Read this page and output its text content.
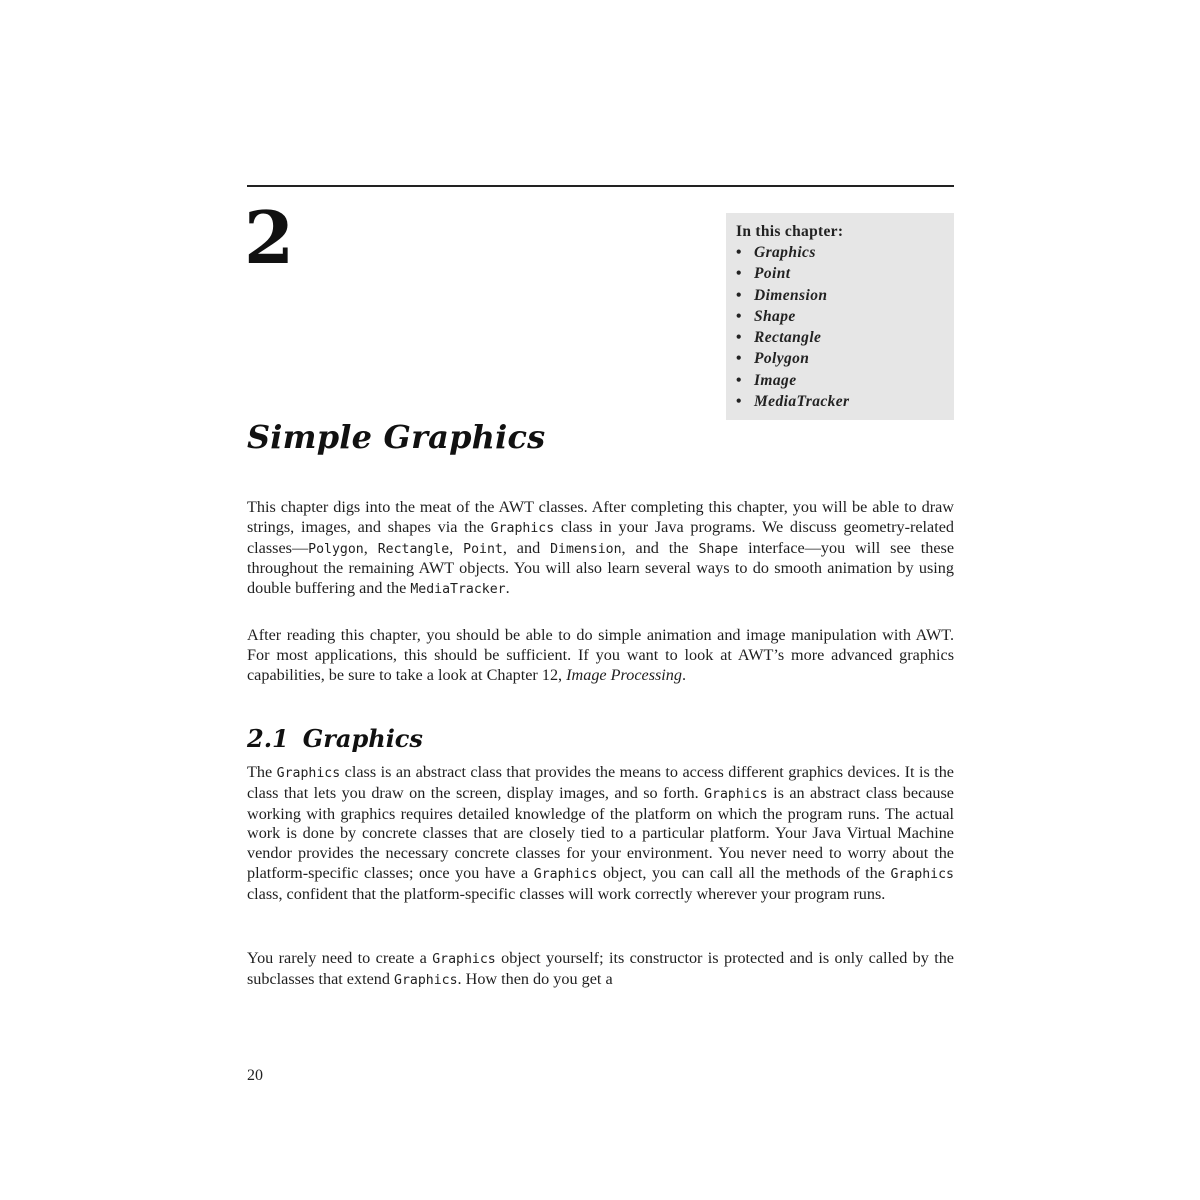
2	In this chapter:
• Graphics
• Point
• Dimension
• Shape
• Rectangle
• Polygon
• Image
• MediaTracker
Simple Graphics

This chapter digs into the meat of the AWT classes. After completing this chapter, you will be able to draw strings, images, and shapes via the Graphics class in your Java programs. We discuss geometry-related classes—Polygon, Rectangle, Point, and Dimension, and the Shape interface—you will see these throughout the remaining AWT objects. You will also learn several ways to do smooth animation by using double buffering and the MediaTracker.

After reading this chapter, you should be able to do simple animation and image manipulation with AWT. For most applications, this should be sufficient. If you want to look at AWT’s more advanced graphics capabilities, be sure to take a look at Chapter 12, Image Processing.

2.1 Graphics

The Graphics class is an abstract class that provides the means to access different graphics devices. It is the class that lets you draw on the screen, display images, and so forth. Graphics is an abstract class because working with graphics requires detailed knowledge of the platform on which the program runs. The actual work is done by concrete classes that are closely tied to a particular platform. Your Java Virtual Machine vendor provides the necessary concrete classes for your environment. You never need to worry about the platform-specific classes; once you have a Graphics object, you can call all the methods of the Graphics class, confident that the platform-specific classes will work correctly wherever your program runs.

You rarely need to create a Graphics object yourself; its constructor is protected and is only called by the subclasses that extend Graphics. How then do you get a

20
